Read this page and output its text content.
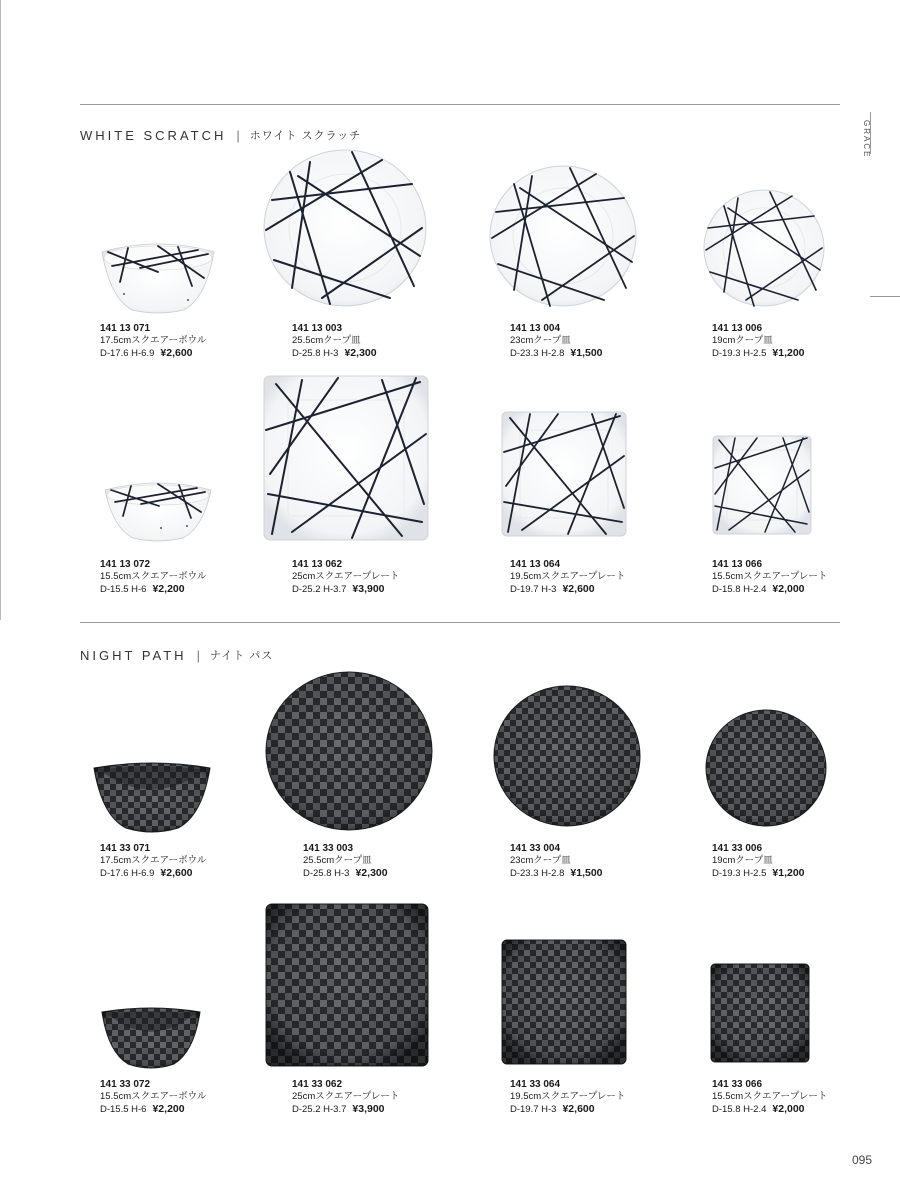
GRACE
WHITE SCRATCH | ホワイト スクラッチ
NIGHT PATH | ナイト パス
141 13 071
17.5cmスクエアーボウル
D-17.6 H-6.9 ¥2,600
141 13 003
25.5cmクープ皿
D-25.8 H-3 ¥2,300
141 13 004
23cmクープ皿
D-23.3 H-2.8 ¥1,500
141 13 006
19cmクープ皿
D-19.3 H-2.5 ¥1,200
141 13 072
15.5cmスクエアーボウル
D-15.5 H-6 ¥2,200
141 13 062
25cmスクエアープレート
D-25.2 H-3.7 ¥3,900
141 13 064
19.5cmスクエアープレート
D-19.7 H-3 ¥2,600
141 13 066
15.5cmスクエアープレート
D-15.8 H-2.4 ¥2,000
141 33 071
17.5cmスクエアーボウル
D-17.6 H-6.9 ¥2,600
141 33 003
25.5cmクープ皿
D-25.8 H-3 ¥2,300
141 33 004
23cmクープ皿
D-23.3 H-2.8 ¥1,500
141 33 006
19cmクープ皿
D-19.3 H-2.5 ¥1,200
141 33 072
15.5cmスクエアーボウル
D-15.5 H-6 ¥2,200
141 33 062
25cmスクエアープレート
D-25.2 H-3.7 ¥3,900
141 33 064
19.5cmスクエアープレート
D-19.7 H-3 ¥2,600
141 33 066
15.5cmスクエアープレート
D-15.8 H-2.4 ¥2,000
095
